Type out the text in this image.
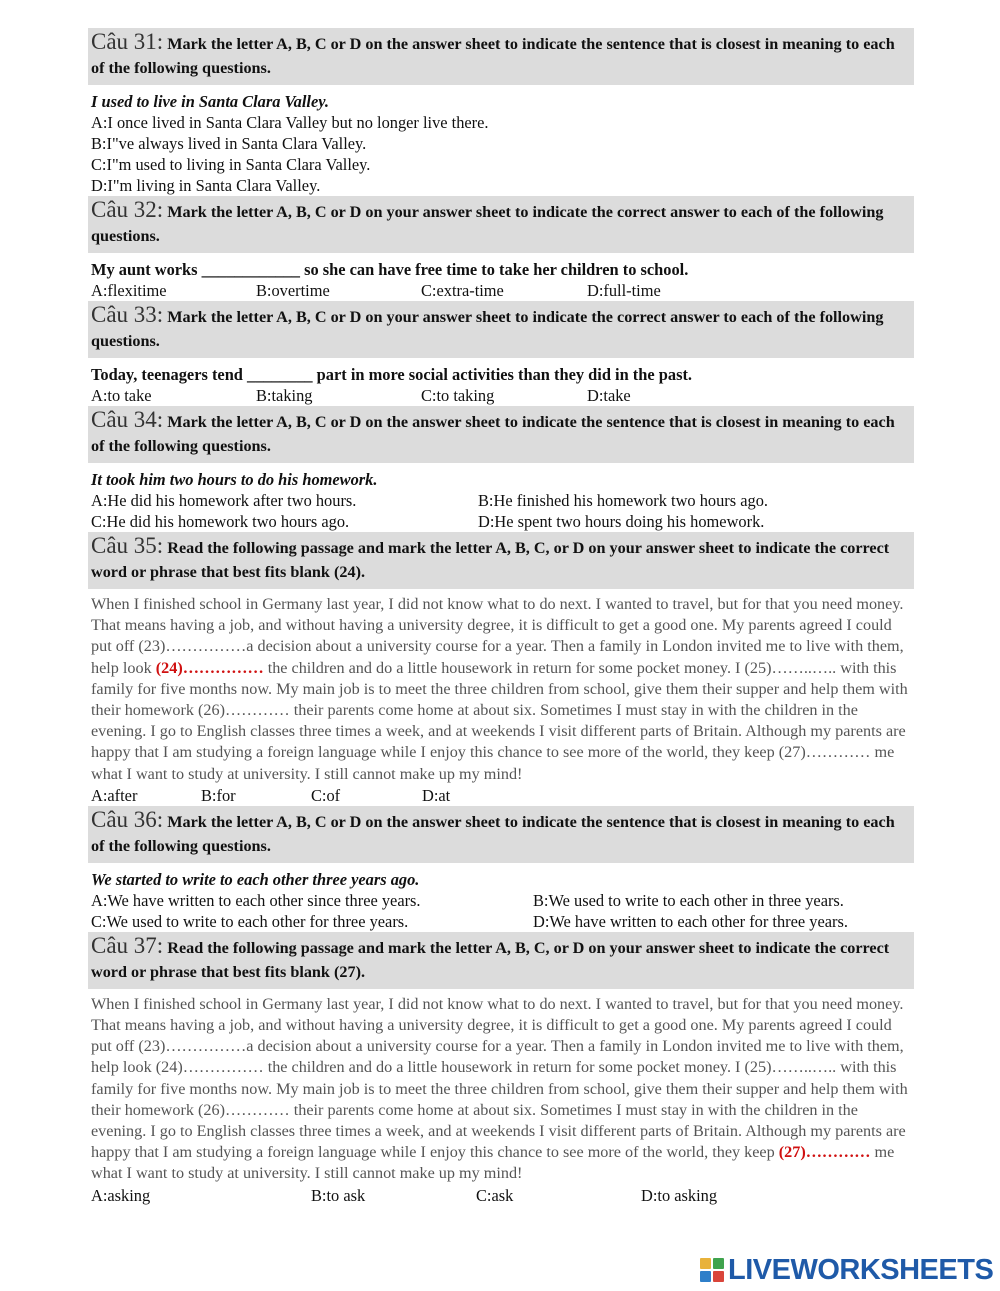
Câu 31: Mark the letter A, B, C or D on the answer sheet to indicate the sentence that is closest in meaning to each of the following questions.
I used to live in Santa Clara Valley.
A:I once lived in Santa Clara Valley but no longer live there.
B:I"ve always lived in Santa Clara Valley.
C:I"m used to living in Santa Clara Valley.
D:I"m living in Santa Clara Valley.
Câu 32: Mark the letter A, B, C or D on your answer sheet to indicate the correct answer to each of the following questions.
My aunt works ____________ so she can have free time to take her children to school.
A:flexitime	B:overtime	C:extra-time	D:full-time
Câu 33: Mark the letter A, B, C or D on your answer sheet to indicate the correct answer to each of the following questions.
Today, teenagers tend ________ part in more social activities than they did in the past.
A:to take	B:taking	C:to taking	D:take
Câu 34: Mark the letter A, B, C or D on the answer sheet to indicate the sentence that is closest in meaning to each of the following questions.
It took him two hours to do his homework.
A:He did his homework after two hours.	B:He finished his homework two hours ago.
C:He did his homework two hours ago.	D:He spent two hours doing his homework.
Câu 35: Read the following passage and mark the letter A, B, C, or D on your answer sheet to indicate the correct word or phrase that best fits blank (24).
When I finished school in Germany last year, I did not know what to do next. I wanted to travel, but for that you need money. That means having a job, and without having a university degree, it is difficult to get a good one. My parents agreed I could put off (23)……………a decision about a university course for a year. Then a family in London invited me to live with them, help look (24)…………… the children and do a little housework in return for some pocket money. I (25)……..….. with this family for five months now. My main job is to meet the three children from school, give them their supper and help them with their homework (26)………… their parents come home at about six. Sometimes I must stay in with the children in the evening. I go to English classes three times a week, and at weekends I visit different parts of Britain. Although my parents are happy that I am studying a foreign language while I enjoy this chance to see more of the world, they keep (27)………… me what I want to study at university. I still cannot make up my mind!
A:after	B:for	C:of	D:at
Câu 36: Mark the letter A, B, C or D on the answer sheet to indicate the sentence that is closest in meaning to each of the following questions.
We started to write to each other three years ago.
A:We have written to each other since three years.	B:We used to write to each other in three years.
C:We used to write to each other for three years.	D:We have written to each other for three years.
Câu 37: Read the following passage and mark the letter A, B, C, or D on your answer sheet to indicate the correct word or phrase that best fits blank (27).
When I finished school in Germany last year, I did not know what to do next. I wanted to travel, but for that you need money. That means having a job, and without having a university degree, it is difficult to get a good one. My parents agreed I could put off (23)……………a decision about a university course for a year. Then a family in London invited me to live with them, help look (24)…………… the children and do a little housework in return for some pocket money. I (25)……..….. with this family for five months now. My main job is to meet the three children from school, give them their supper and help them with their homework (26)………… their parents come home at about six. Sometimes I must stay in with the children in the evening. I go to English classes three times a week, and at weekends I visit different parts of Britain. Although my parents are happy that I am studying a foreign language while I enjoy this chance to see more of the world, they keep (27)………… me what I want to study at university. I still cannot make up my mind!
A:asking	B:to ask	C:ask	D:to asking
LIVEWORKSHEETS
